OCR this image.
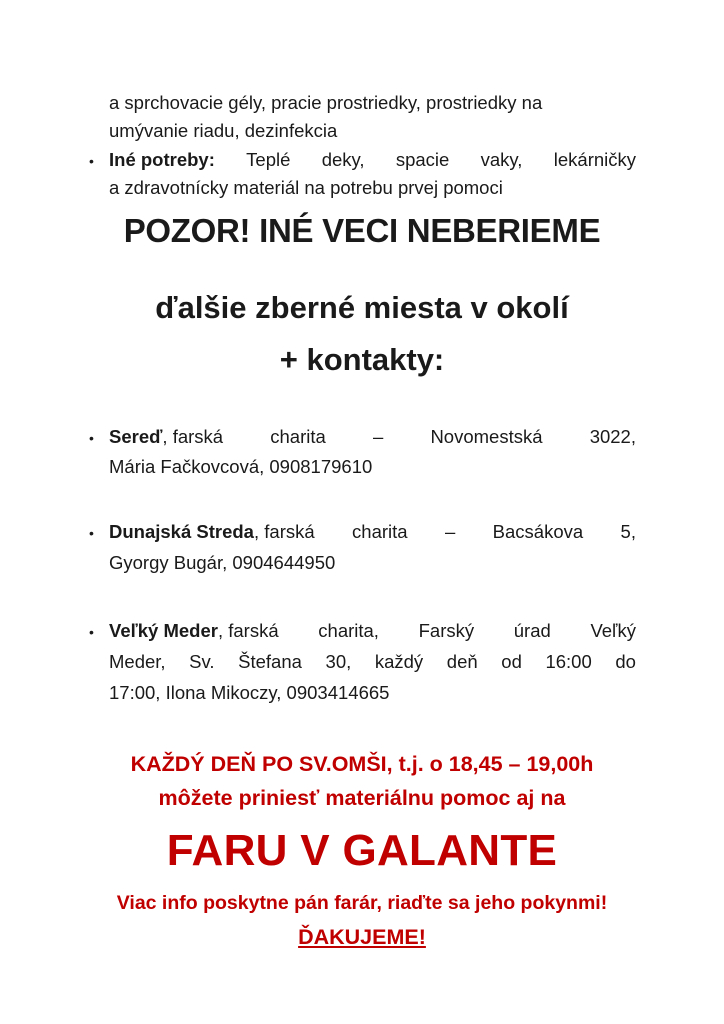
a sprchovacie gély, pracie prostriedky, prostriedky na
umývanie riadu, dezinfekcia
• Iné potreby: Teplé deky, spacie vaky, lekárničky
a zdravotnícky materiál na potrebu prvej pomoci
POZOR! INÉ VECI NEBERIEME
ďalšie zberné miesta v okolí
+ kontakty:
• Sereď, farská	charita	–	Novomestská	3022,
Mária Fačkovcová, 0908179610
• Dunajská Streda, farská charita – Bacsákova 5,
Gyorgy Bugár, 0904644950
• Veľký Meder, farská charita, Farský úrad Veľký
Meder, Sv. Štefana 30, každý deň od 16:00 do
17:00, Ilona Mikoczy, 0903414665
KAŽDÝ DEŇ PO SV.OMŠI, t.j. o 18,45 – 19,00h
môžete priniesť materiálnu pomoc aj na
FARU V GALANTE
Viac info poskytne pán farár, riaďte sa jeho pokynmi!
ĎAKUJEME!
